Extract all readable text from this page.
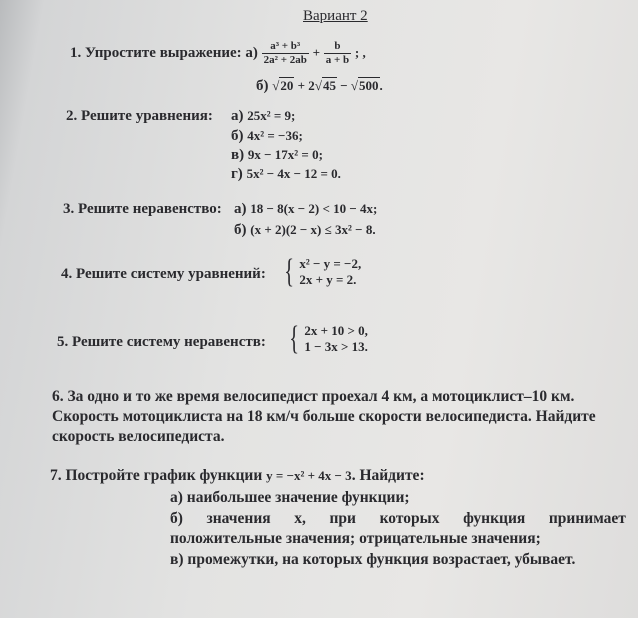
Вариант 2
1. Упростите выражение: $а) \frac{\text{a³ + b³}}{\text{2a² + 2ab}} + \frac{b}{a + b}$ ; ,
б) √20 + 2√45 − √500.
2. Решите уравнения: а) 25x² = 9;
б) 4x² = −36;
в) 9x − 17x² = 0;
г) 5x² − 4x − 12 = 0.
3. Решите неравенство: а) 18 − 8(x − 2) < 10 − 4x;
б) (x + 2)(2 − x) ≤ 3x² − 8.
4. Решите систему уравнений: { x² − y = −2,
2x + y = 2.
5. Решите систему неравенств: { 2x + 10 > 0,
1 − 3x > 13.
6. За одно и то же время велосипедист проехал 4 км, а мотоциклист–10 км.
Скорость мотоциклиста на 18 км/ч больше скорости велосипедиста. Найдите
скорость велосипедиста.
7. Постройте график функции y = −x² + 4x − 3. Найдите:
а) наибольшее значение функции;
б) значения х, при которых функция принимает
положительные значения; отрицательные значения;
в) промежутки, на которых функция возрастает, убывает.
